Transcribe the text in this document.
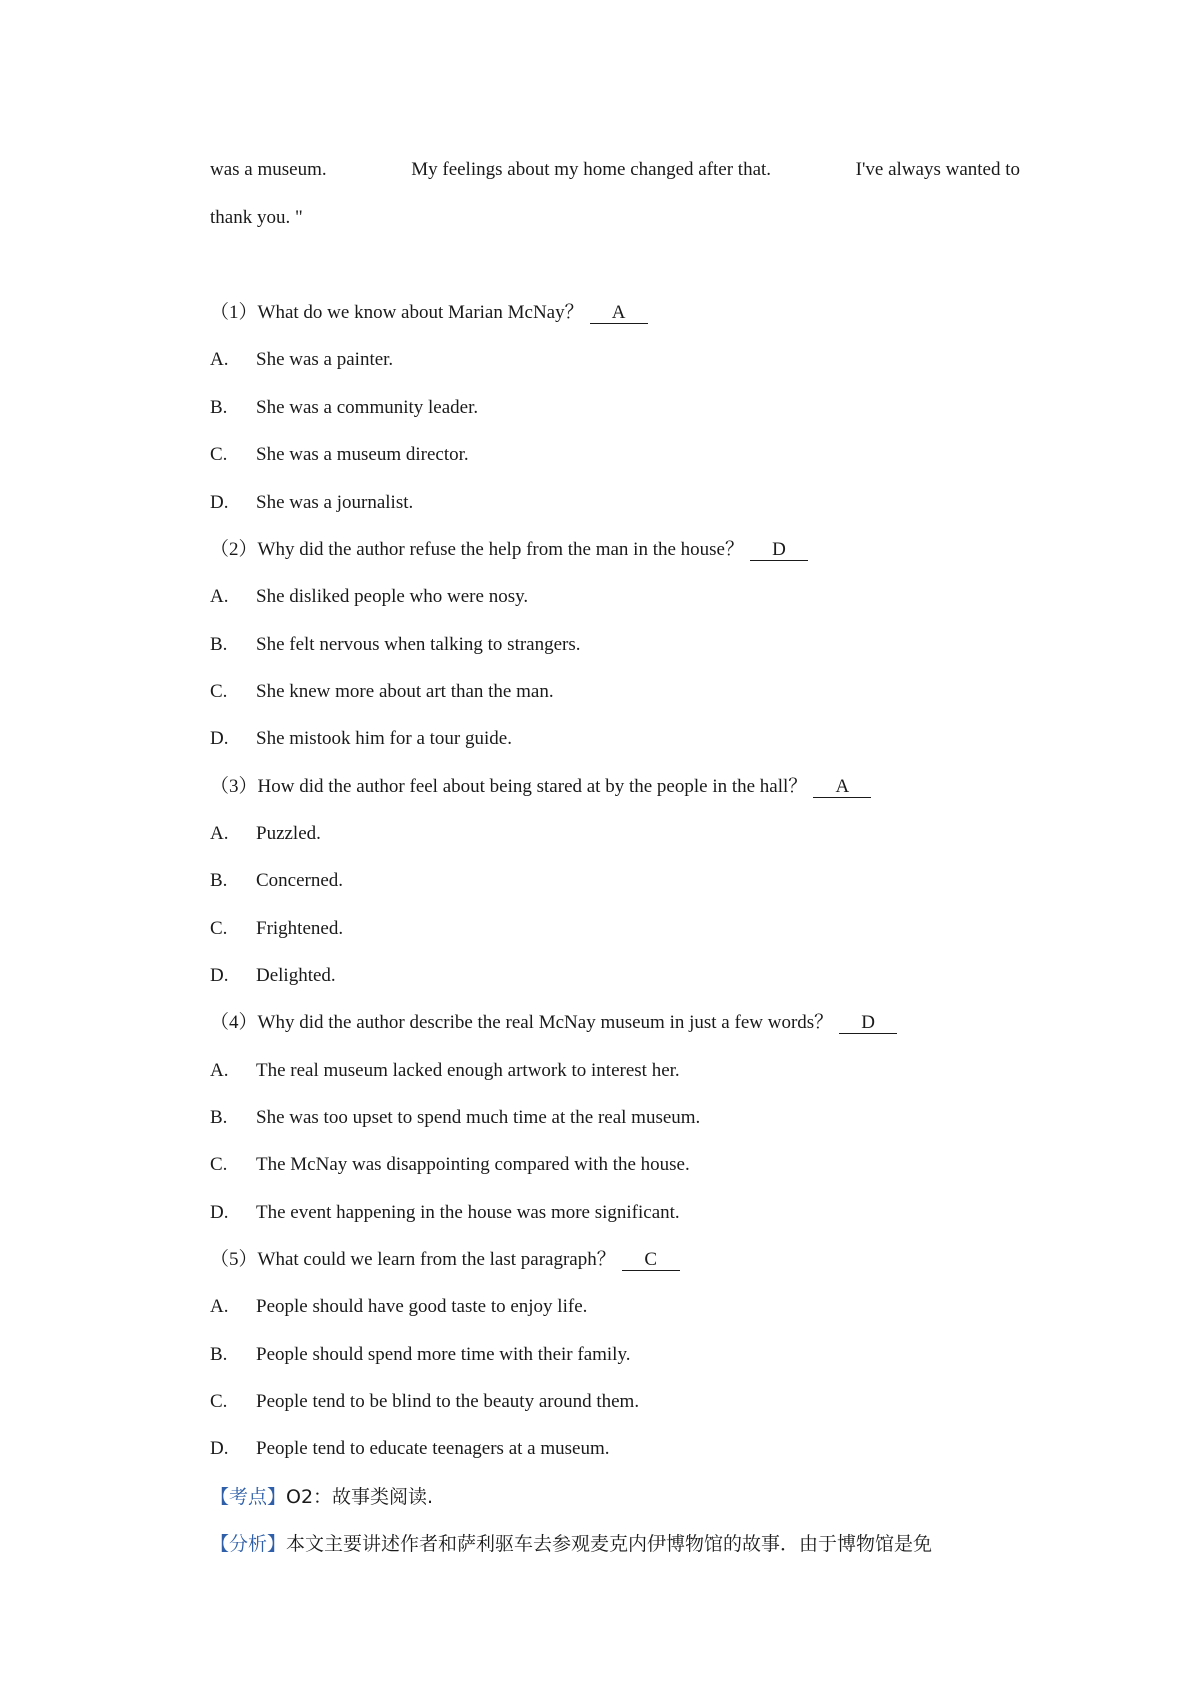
was a museum.	My feelings about my home changed after that.	I've always wanted to
thank you. "
（1）What do we know about Marian McNay？ A
A. She was a painter.
B. She was a community leader.
C. She was a museum director.
D. She was a journalist.
（2）Why did the author refuse the help from the man in the house？ D
A. She disliked people who were nosy.
B. She felt nervous when talking to strangers.
C. She knew more about art than the man.
D. She mistook him for a tour guide.
（3）How did the author feel about being stared at by the people in the hall？ A
A. Puzzled.
B. Concerned.
C. Frightened.
D. Delighted.
（4）Why did the author describe the real McNay museum in just a few words？ D
A. The real museum lacked enough artwork to interest her.
B. She was too upset to spend much time at the real museum.
C. The McNay was disappointing compared with the house.
D. The event happening in the house was more significant.
（5）What could we learn from the last paragraph？ C
A. People should have good taste to enjoy life.
B. People should spend more time with their family.
C. People tend to be blind to the beauty around them.
D. People tend to educate teenagers at a museum.
【考点】O2：故事类阅读.
【分析】本文主要讲述作者和萨利驱车去参观麦克内伊博物馆的故事．由于博物馆是免
